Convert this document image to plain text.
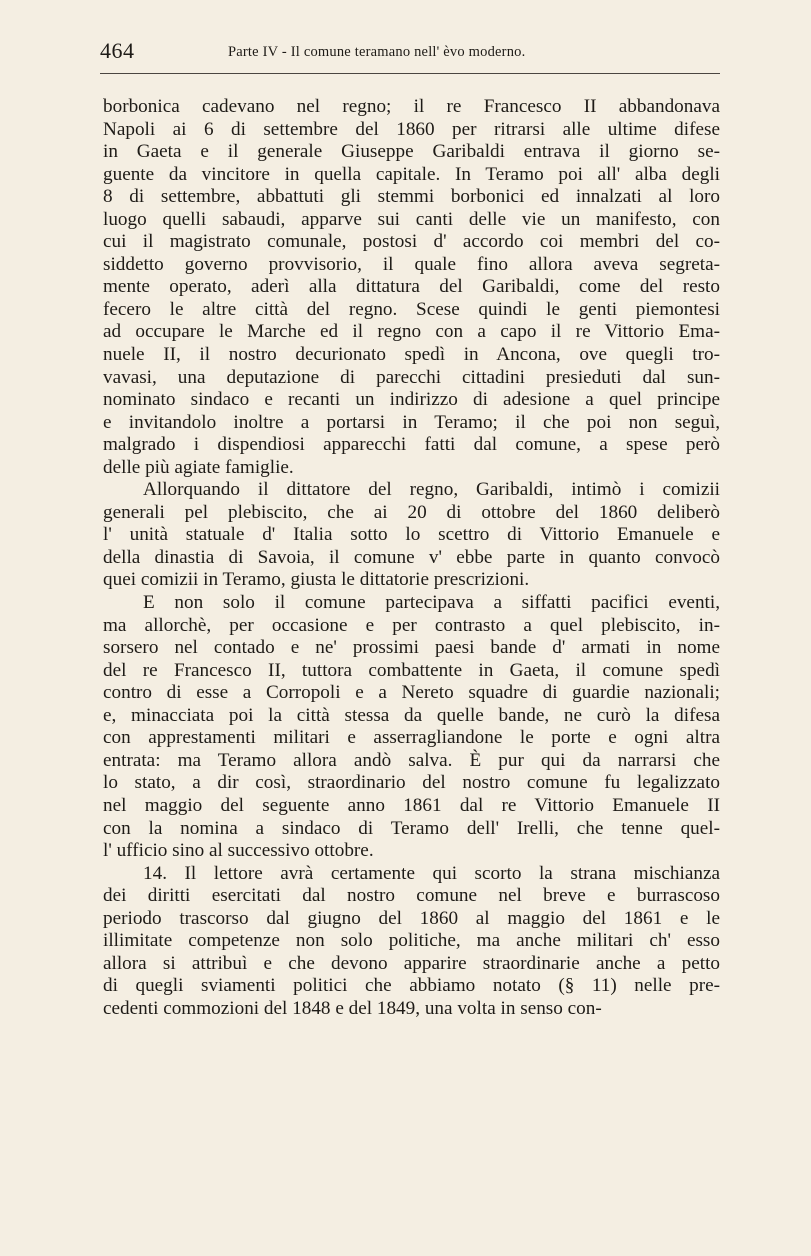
464	Parte IV - Il comune teramano nell' èvo moderno.
borbonica cadevano nel regno; il re Francesco II abbandonava
Napoli ai 6 di settembre del 1860 per ritrarsi alle ultime difese
in Gaeta e il generale Giuseppe Garibaldi entrava il giorno se-
guente da vincitore in quella capitale. In Teramo poi all' alba degli
8 di settembre, abbattuti gli stemmi borbonici ed innalzati al loro
luogo quelli sabaudi, apparve sui canti delle vie un manifesto, con
cui il magistrato comunale, postosi d' accordo coi membri del co-
siddetto governo provvisorio, il quale fino allora aveva segreta-
mente operato, aderì alla dittatura del Garibaldi, come del resto
fecero le altre città del regno. Scese quindi le genti piemontesi
ad occupare le Marche ed il regno con a capo il re Vittorio Ema-
nuele II, il nostro decurionato spedì in Ancona, ove quegli tro-
vavasi, una deputazione di parecchi cittadini presieduti dal sun-
nominato sindaco e recanti un indirizzo di adesione a quel principe
e invitandolo inoltre a portarsi in Teramo; il che poi non seguì,
malgrado i dispendiosi apparecchi fatti dal comune, a spese però
delle più agiate famiglie.
Allorquando il dittatore del regno, Garibaldi, intimò i comizii
generali pel plebiscito, che ai 20 di ottobre del 1860 deliberò
l' unità statuale d' Italia sotto lo scettro di Vittorio Emanuele e
della dinastia di Savoia, il comune v' ebbe parte in quanto convocò
quei comizii in Teramo, giusta le dittatorie prescrizioni.
E non solo il comune partecipava a siffatti pacifici eventi,
ma allorchè, per occasione e per contrasto a quel plebiscito, in-
sorsero nel contado e ne' prossimi paesi bande d' armati in nome
del re Francesco II, tuttora combattente in Gaeta, il comune spedì
contro di esse a Corropoli e a Nereto squadre di guardie nazionali;
e, minacciata poi la città stessa da quelle bande, ne curò la difesa
con apprestamenti militari e asserragliandone le porte e ogni altra
entrata: ma Teramo allora andò salva. È pur qui da narrarsi che
lo stato, a dir così, straordinario del nostro comune fu legalizzato
nel maggio del seguente anno 1861 dal re Vittorio Emanuele II
con la nomina a sindaco di Teramo dell' Irelli, che tenne quel-
l' ufficio sino al successivo ottobre.
14. Il lettore avrà certamente qui scorto la strana mischianza
dei diritti esercitati dal nostro comune nel breve e burrascoso
periodo trascorso dal giugno del 1860 al maggio del 1861 e le
illimitate competenze non solo politiche, ma anche militari ch' esso
allora si attribuì e che devono apparire straordinarie anche a petto
di quegli sviamenti politici che abbiamo notato (§ 11) nelle pre-
cedenti commozioni del 1848 e del 1849, una volta in senso con-
